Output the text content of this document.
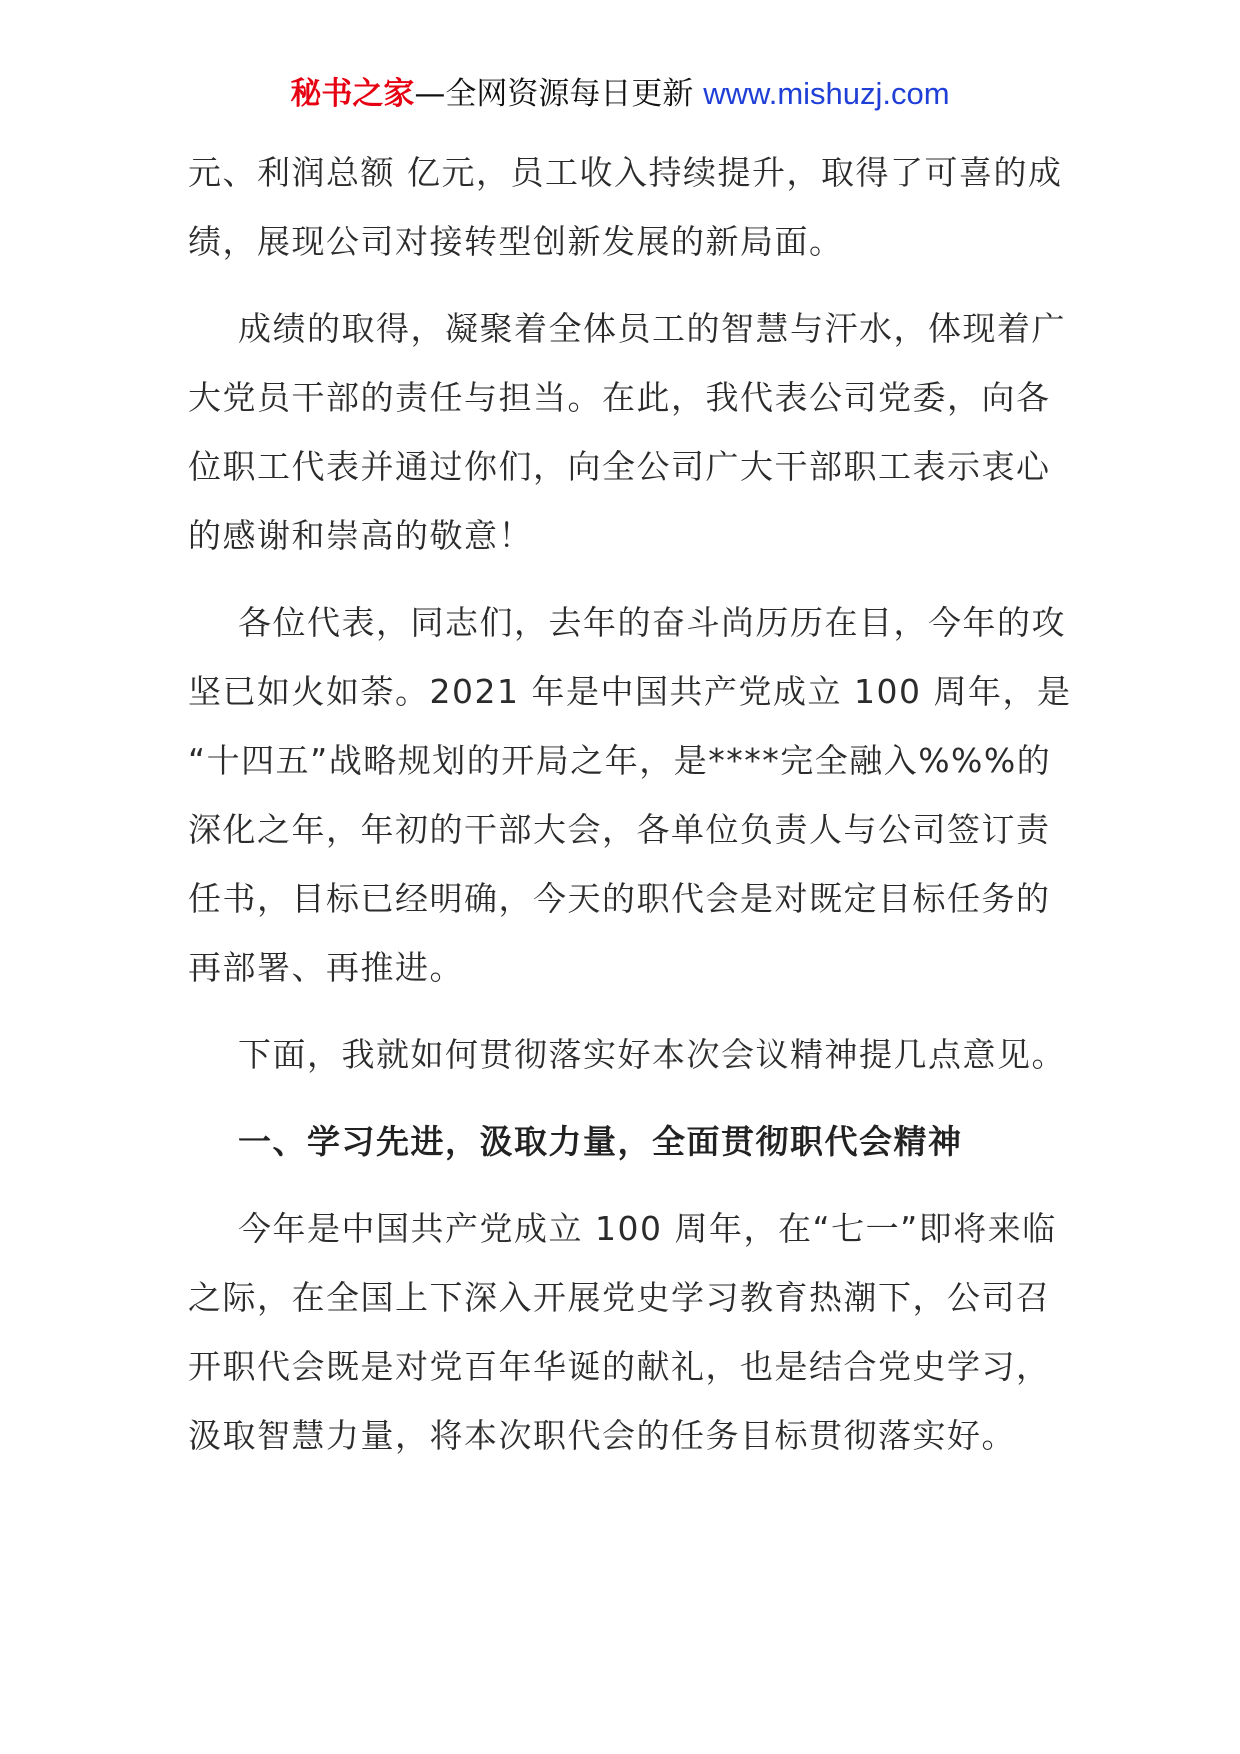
秘书之家—全网资源每日更新 www.mishuzj.com

元、利润总额 亿元，员工收入持续提升，取得了可喜的成
绩，展现公司对接转型创新发展的新局面。

成绩的取得，凝聚着全体员工的智慧与汗水，体现着广
大党员干部的责任与担当。在此，我代表公司党委，向各
位职工代表并通过你们，向全公司广大干部职工表示衷心
的感谢和崇高的敬意！

各位代表，同志们，去年的奋斗尚历历在目，今年的攻
坚已如火如荼。2021 年是中国共产党成立 100 周年，是
“十四五”战略规划的开局之年，是****完全融入%%%的
深化之年，年初的干部大会，各单位负责人与公司签订责
任书，目标已经明确，今天的职代会是对既定目标任务的
再部署、再推进。

下面，我就如何贯彻落实好本次会议精神提几点意见。

一、学习先进，汲取力量，全面贯彻职代会精神

今年是中国共产党成立 100 周年，在“七一”即将来临
之际，在全国上下深入开展党史学习教育热潮下，公司召
开职代会既是对党百年华诞的献礼，也是结合党史学习，
汲取智慧力量，将本次职代会的任务目标贯彻落实好。
